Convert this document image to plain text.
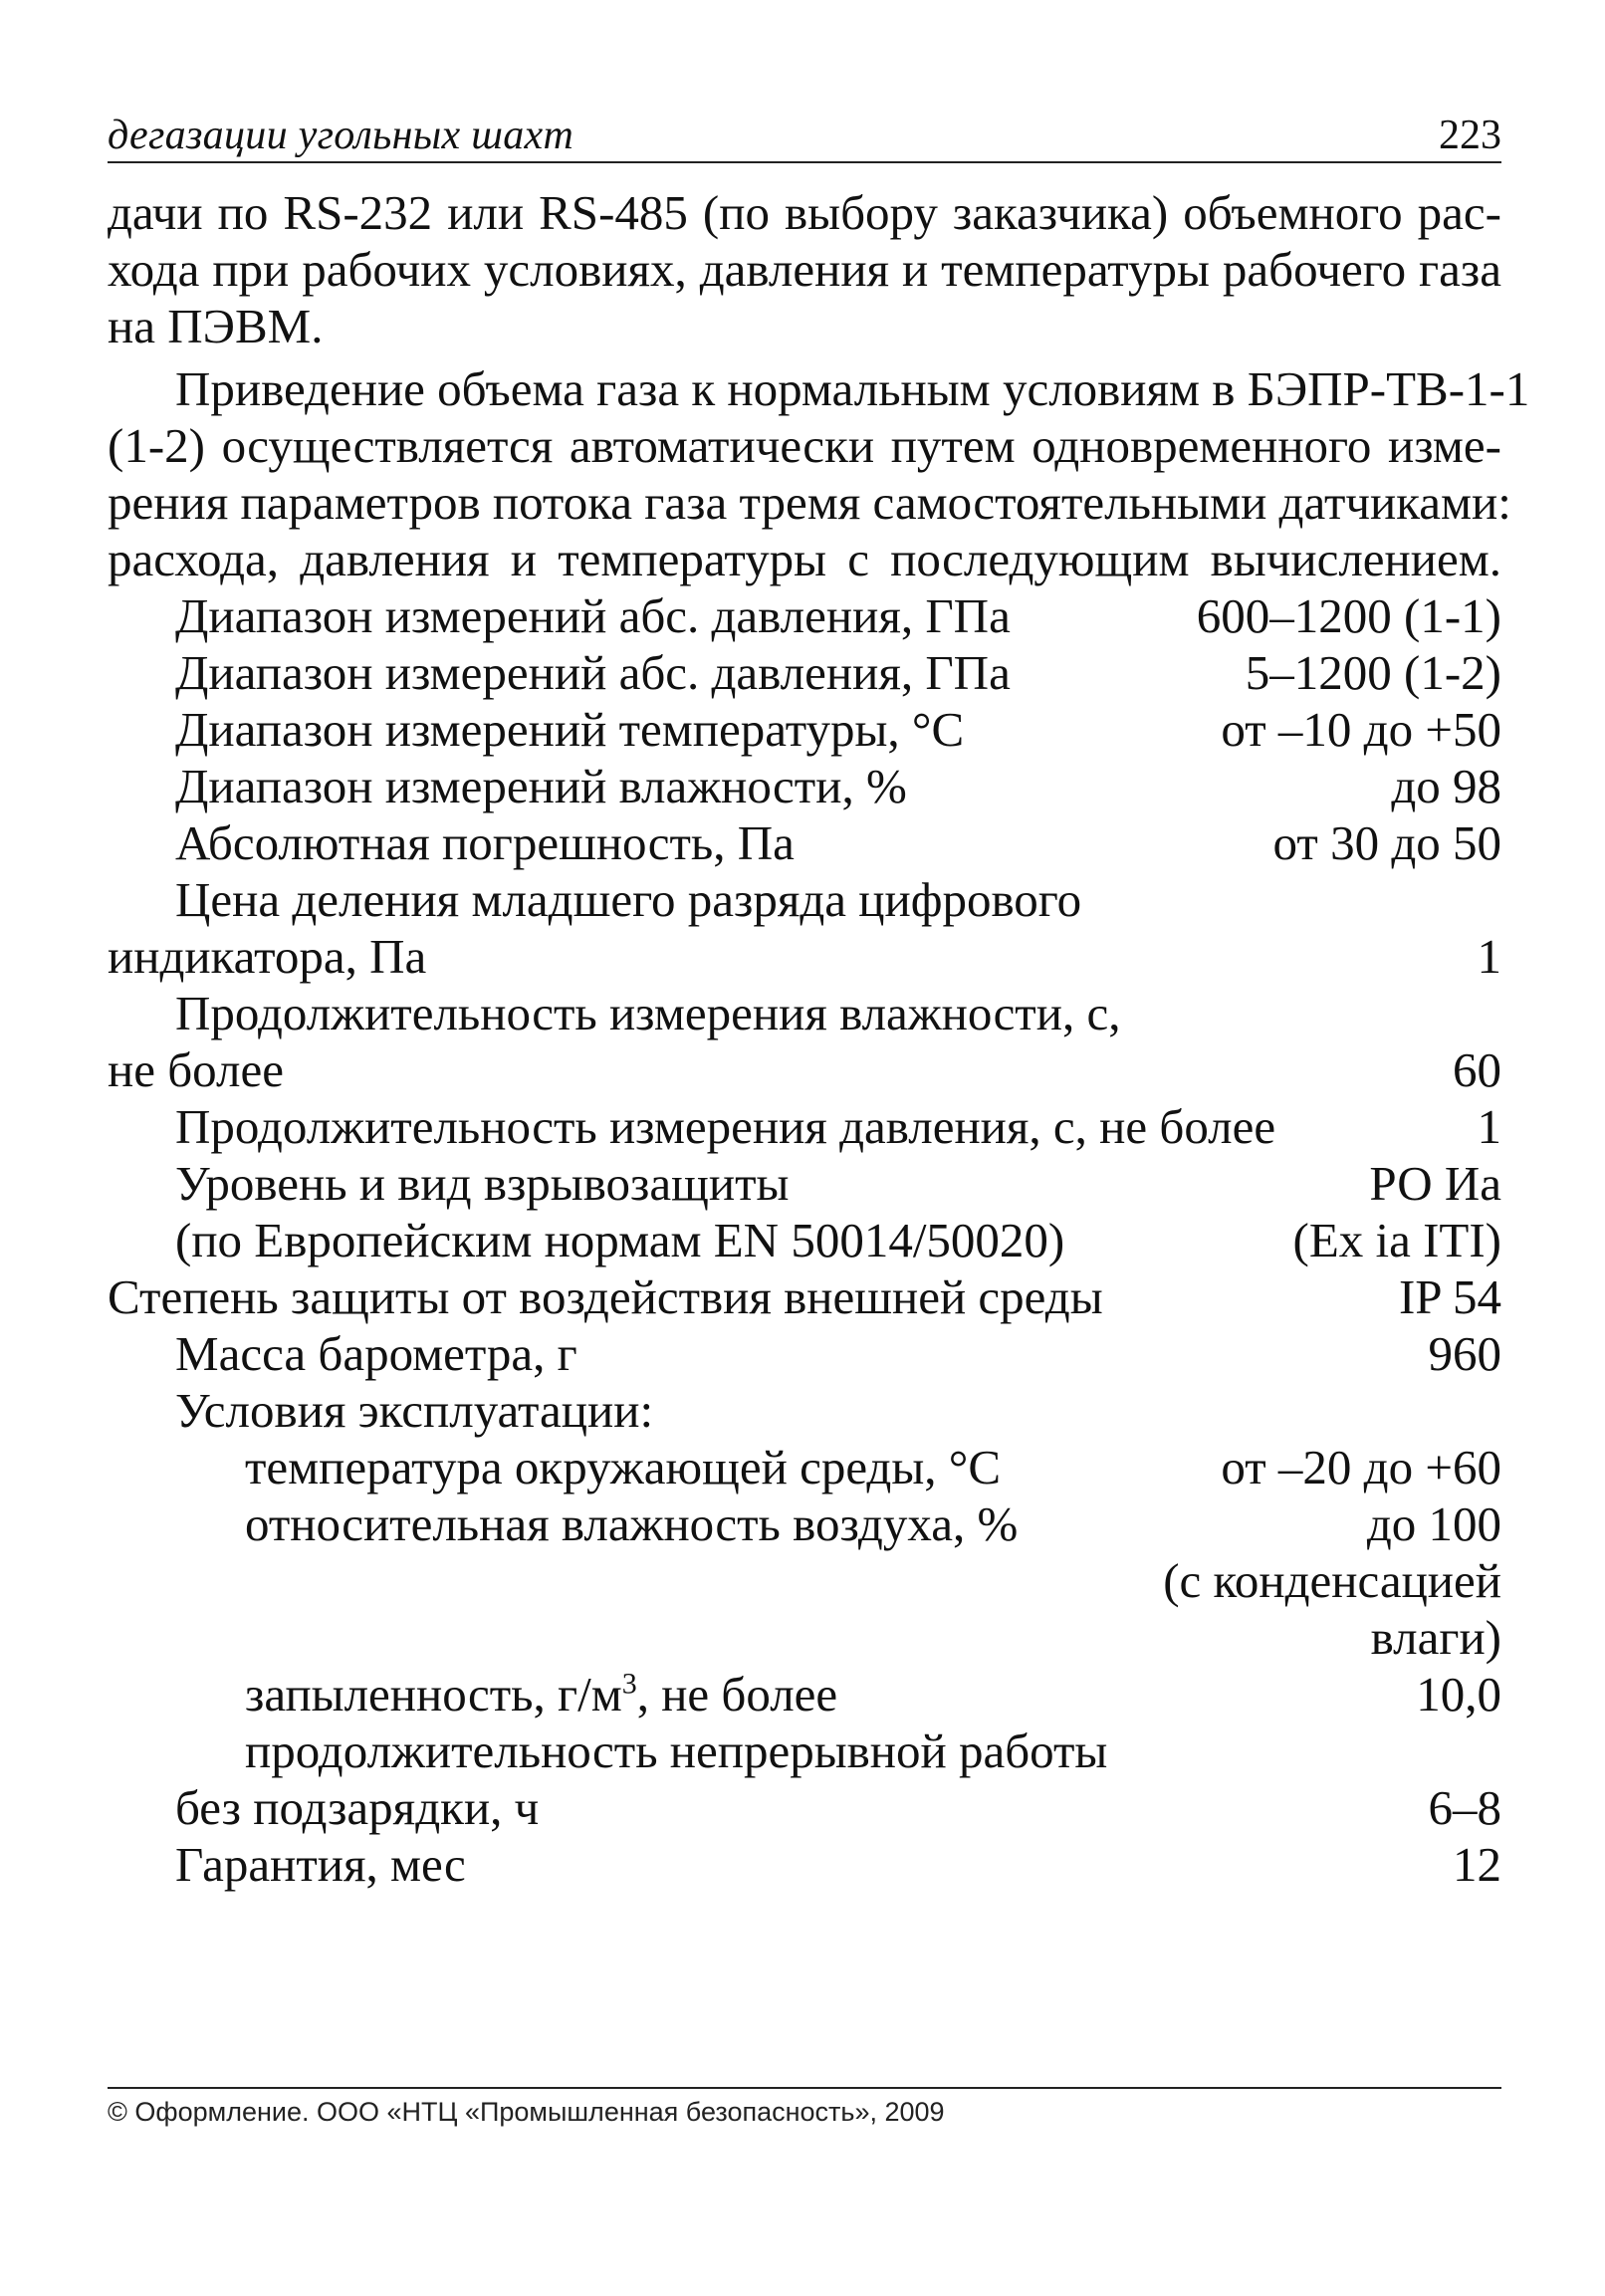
дегазации угольных шахт	223
дачи по RS-232 или RS-485 (по выбору заказчика) объемного рас-
хода при рабочих условиях, давления и температуры рабочего газа
на ПЭВМ.
Приведение объема газа к нормальным условиям в БЭПР-ТВ-1-1
(1-2) осуществляется автоматически путем одновременного изме-
рения параметров потока газа тремя самостоятельными датчиками:
расхода, давления и температуры с последующим вычислением.
Диапазон измерений абс. давления, ГПа	600–1200 (1-1)
Диапазон измерений абс. давления, ГПа	5–1200 (1-2)
Диапазон измерений температуры, °С	от –10 до +50
Диапазон измерений влажности, %	до 98
Абсолютная погрешность, Па	от 30 до 50
Цена деления младшего разряда цифрового
индикатора, Па	1
Продолжительность измерения влажности, с,
не более	60
Продолжительность измерения давления, с, не более	1
Уровень и вид взрывозащиты	РО Иа
(по Европейским нормам EN 50014/50020)	(Ex ia ITI)
Степень защиты от воздействия внешней среды	IP 54
Масса барометра, г	960
Условия эксплуатации:
температура окружающей среды, °С	от –20 до +60
относительная влажность воздуха, %	до 100
(с конденсацией
влаги)
запыленность, $г/м^3$, не более	10,0
продолжительность непрерывной работы
без подзарядки, ч	6–8
Гарантия, мес	12
© Оформление. ООО «НТЦ «Промышленная безопасность», 2009
